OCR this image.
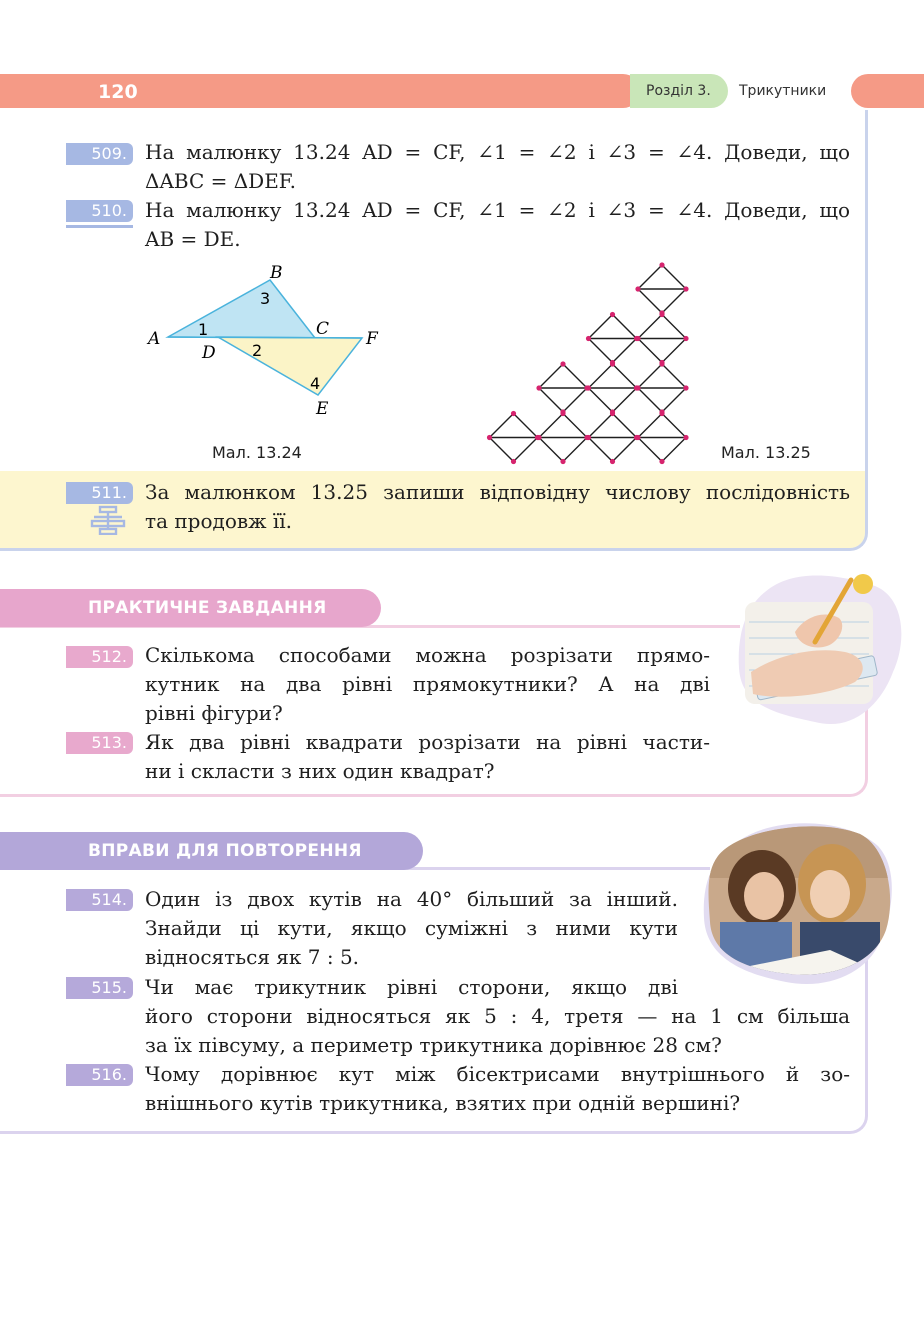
120	Розділ 3.	Трикутники
509. На малюнку 13.24 AD = CF, ∠1 = ∠2 і ∠3 = ∠4. Доведи, що
ΔABC = ΔDEF.
510. На малюнку 13.24 AD = CF, ∠1 = ∠2 і ∠3 = ∠4. Доведи, що
AB = DE.
A
B
C
D
E
F
1
2
3
4
Мал. 13.24	Мал. 13.25
511. За малюнком 13.25 запиши відповідну числову послідовність
та продовж її.
ПРАКТИЧНЕ ЗАВДАННЯ
512. Скількома способами можна розрізати прямо-
кутник на два рівні прямокутники? А на дві
рівні фігури?
513. Як два рівні квадрати розрізати на рівні части-
ни і скласти з них один квадрат?
ВПРАВИ ДЛЯ ПОВТОРЕННЯ
514. Один із двох кутів на 40° більший за інший.
Знайди ці кути, якщо суміжні з ними кути
відносяться як 7 : 5.
515. Чи має трикутник рівні сторони, якщо дві
його сторони відносяться як 5 : 4, третя — на 1 см більша
за їх півсуму, а периметр трикутника дорівнює 28 см?
516. Чому дорівнює кут між бісектрисами внутрішнього й зо-
внішнього кутів трикутника, взятих при одній вершині?
